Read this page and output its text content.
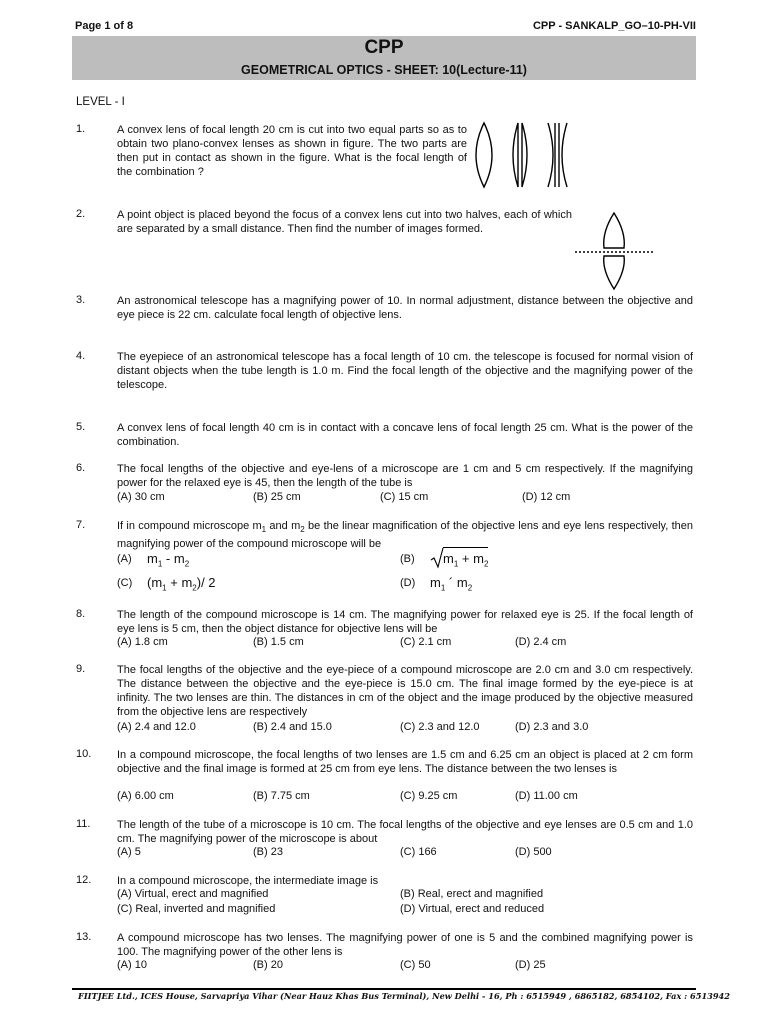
Page 1 of 8	CPP - SANKALP_GO–10-PH-VII
CPP
GEOMETRICAL OPTICS - SHEET: 10(Lecture-11)
LEVEL - I
1.	A convex lens of focal length 20 cm is cut into two equal parts so as to obtain two plano-convex lenses as shown in figure. The two parts are then put in contact as shown in the figure. What is the focal length of the combination ?
2.	A point object is placed beyond the focus of a convex lens cut into two halves, each of which are separated by a small distance. Then find the number of images formed.
3.	An astronomical telescope has a magnifying power of 10. In normal adjustment, distance between the objective and eye piece is 22 cm. calculate focal length of objective lens.
4.	The eyepiece of an astronomical telescope has a focal length of 10 cm. the telescope is focused for normal vision of distant objects when the tube length is 1.0 m. Find the focal length of the objective and the magnifying power of the telescope.
5.	A convex lens of focal length 40 cm is in contact with a concave lens of focal length 25 cm. What is the power of the combination.
6.	The focal lengths of the objective and eye-lens of a microscope are 1 cm and 5 cm respectively. If the magnifying power for the relaxed eye is 45, then the length of the tube is
(A) 30 cm	(B) 25 cm	(C) 15 cm	(D) 12 cm
7.	If in compound microscope $m_1$ and $m_2$ be the linear magnification of the objective lens and eye lens respectively, then magnifying power of the compound microscope will be
(A) $m_1 - m_2$	(B) $m_1 + m_2$
(C) $(m_1 + m_2)/$ 2	(D) $m_1$ ´ $m_2$
8.	The length of the compound microscope is 14 cm. The magnifying power for relaxed eye is 25. If the focal length of eye lens is 5 cm, then the object distance for objective lens will be
(A) 1.8 cm	(B) 1.5 cm	(C) 2.1 cm	(D) 2.4 cm
9.	The focal lengths of the objective and the eye-piece of a compound microscope are 2.0 cm and 3.0 cm respectively. The distance between the objective and the eye-piece is 15.0 cm. The final image formed by the eye-piece is at infinity. The two lenses are thin. The distances in cm of the object and the image produced by the objective measured from the objective lens are respectively
(A) 2.4 and 12.0	(B) 2.4 and 15.0	(C) 2.3 and 12.0	(D) 2.3 and 3.0
10. In a compound microscope, the focal lengths of two lenses are 1.5 cm and 6.25 cm an object is placed at 2 cm form objective and the final image is formed at 25 cm from eye lens. The distance between the two lenses is
(A) 6.00 cm	(B) 7.75 cm	(C) 9.25 cm	(D) 11.00 cm
11. The length of the tube of a microscope is 10 cm. The focal lengths of the objective and eye lenses are 0.5 cm and 1.0 cm. The magnifying power of the microscope is about
(A) 5	(B) 23	(C) 166	(D) 500
12. In a compound microscope, the intermediate image is
(A) Virtual, erect and magnified	(B) Real, erect and magnified
(C) Real, inverted and magnified	(D) Virtual, erect and reduced
13. A compound microscope has two lenses. The magnifying power of one is 5 and the combined magnifying power is 100. The magnifying power of the other lens is
(A) 10	(B) 20	(C) 50	(D) 25
FIITJEE Ltd., ICES House, Sarvapriya Vihar (Near Hauz Khas Bus Terminal), New Delhi - 16, Ph : 6515949 , 6865182, 6854102, Fax : 6513942
